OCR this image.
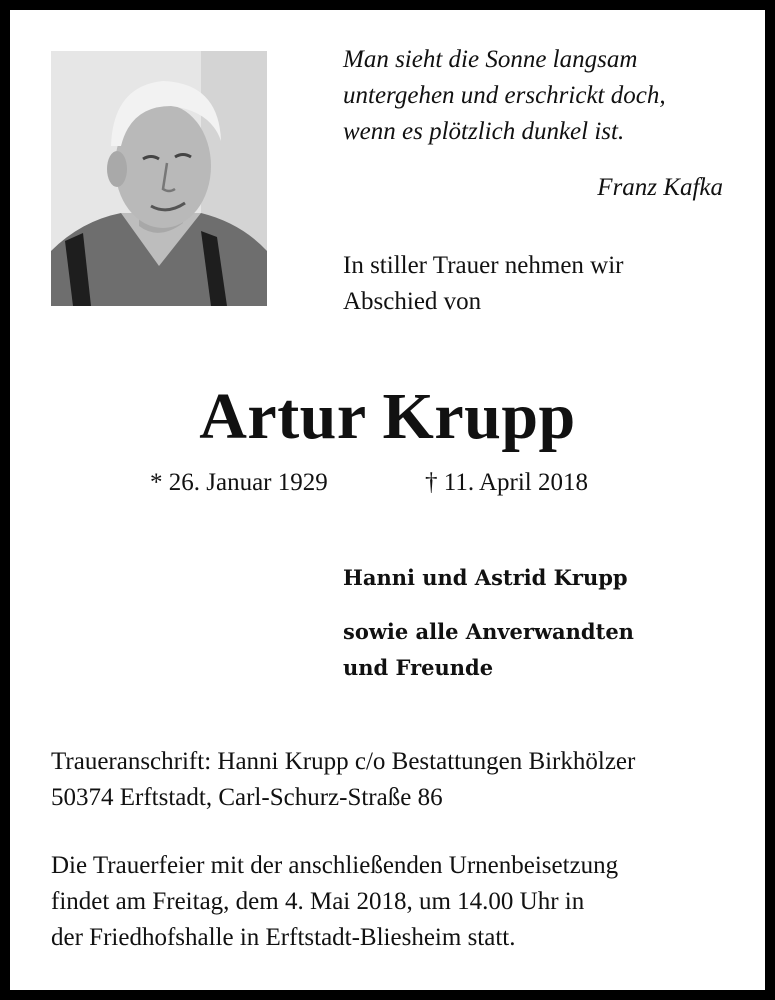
Man sieht die Sonne langsam
untergehen und erschrickt doch,
wenn es plötzlich dunkel ist.
Franz Kafka
In stiller Trauer nehmen wir
Abschied von
Artur Krupp
* 26. Januar 1929	† 11. April 2018
Hanni und Astrid Krupp
sowie alle Anverwandten
und Freunde
Traueranschrift: Hanni Krupp c/o Bestattungen Birkhölzer
50374 Erftstadt, Carl-Schurz-Straße 86
Die Trauerfeier mit der anschließenden Urnenbeisetzung
findet am Freitag, dem 4. Mai 2018, um 14.00 Uhr in
der Friedhofshalle in Erftstadt-Bliesheim statt.
